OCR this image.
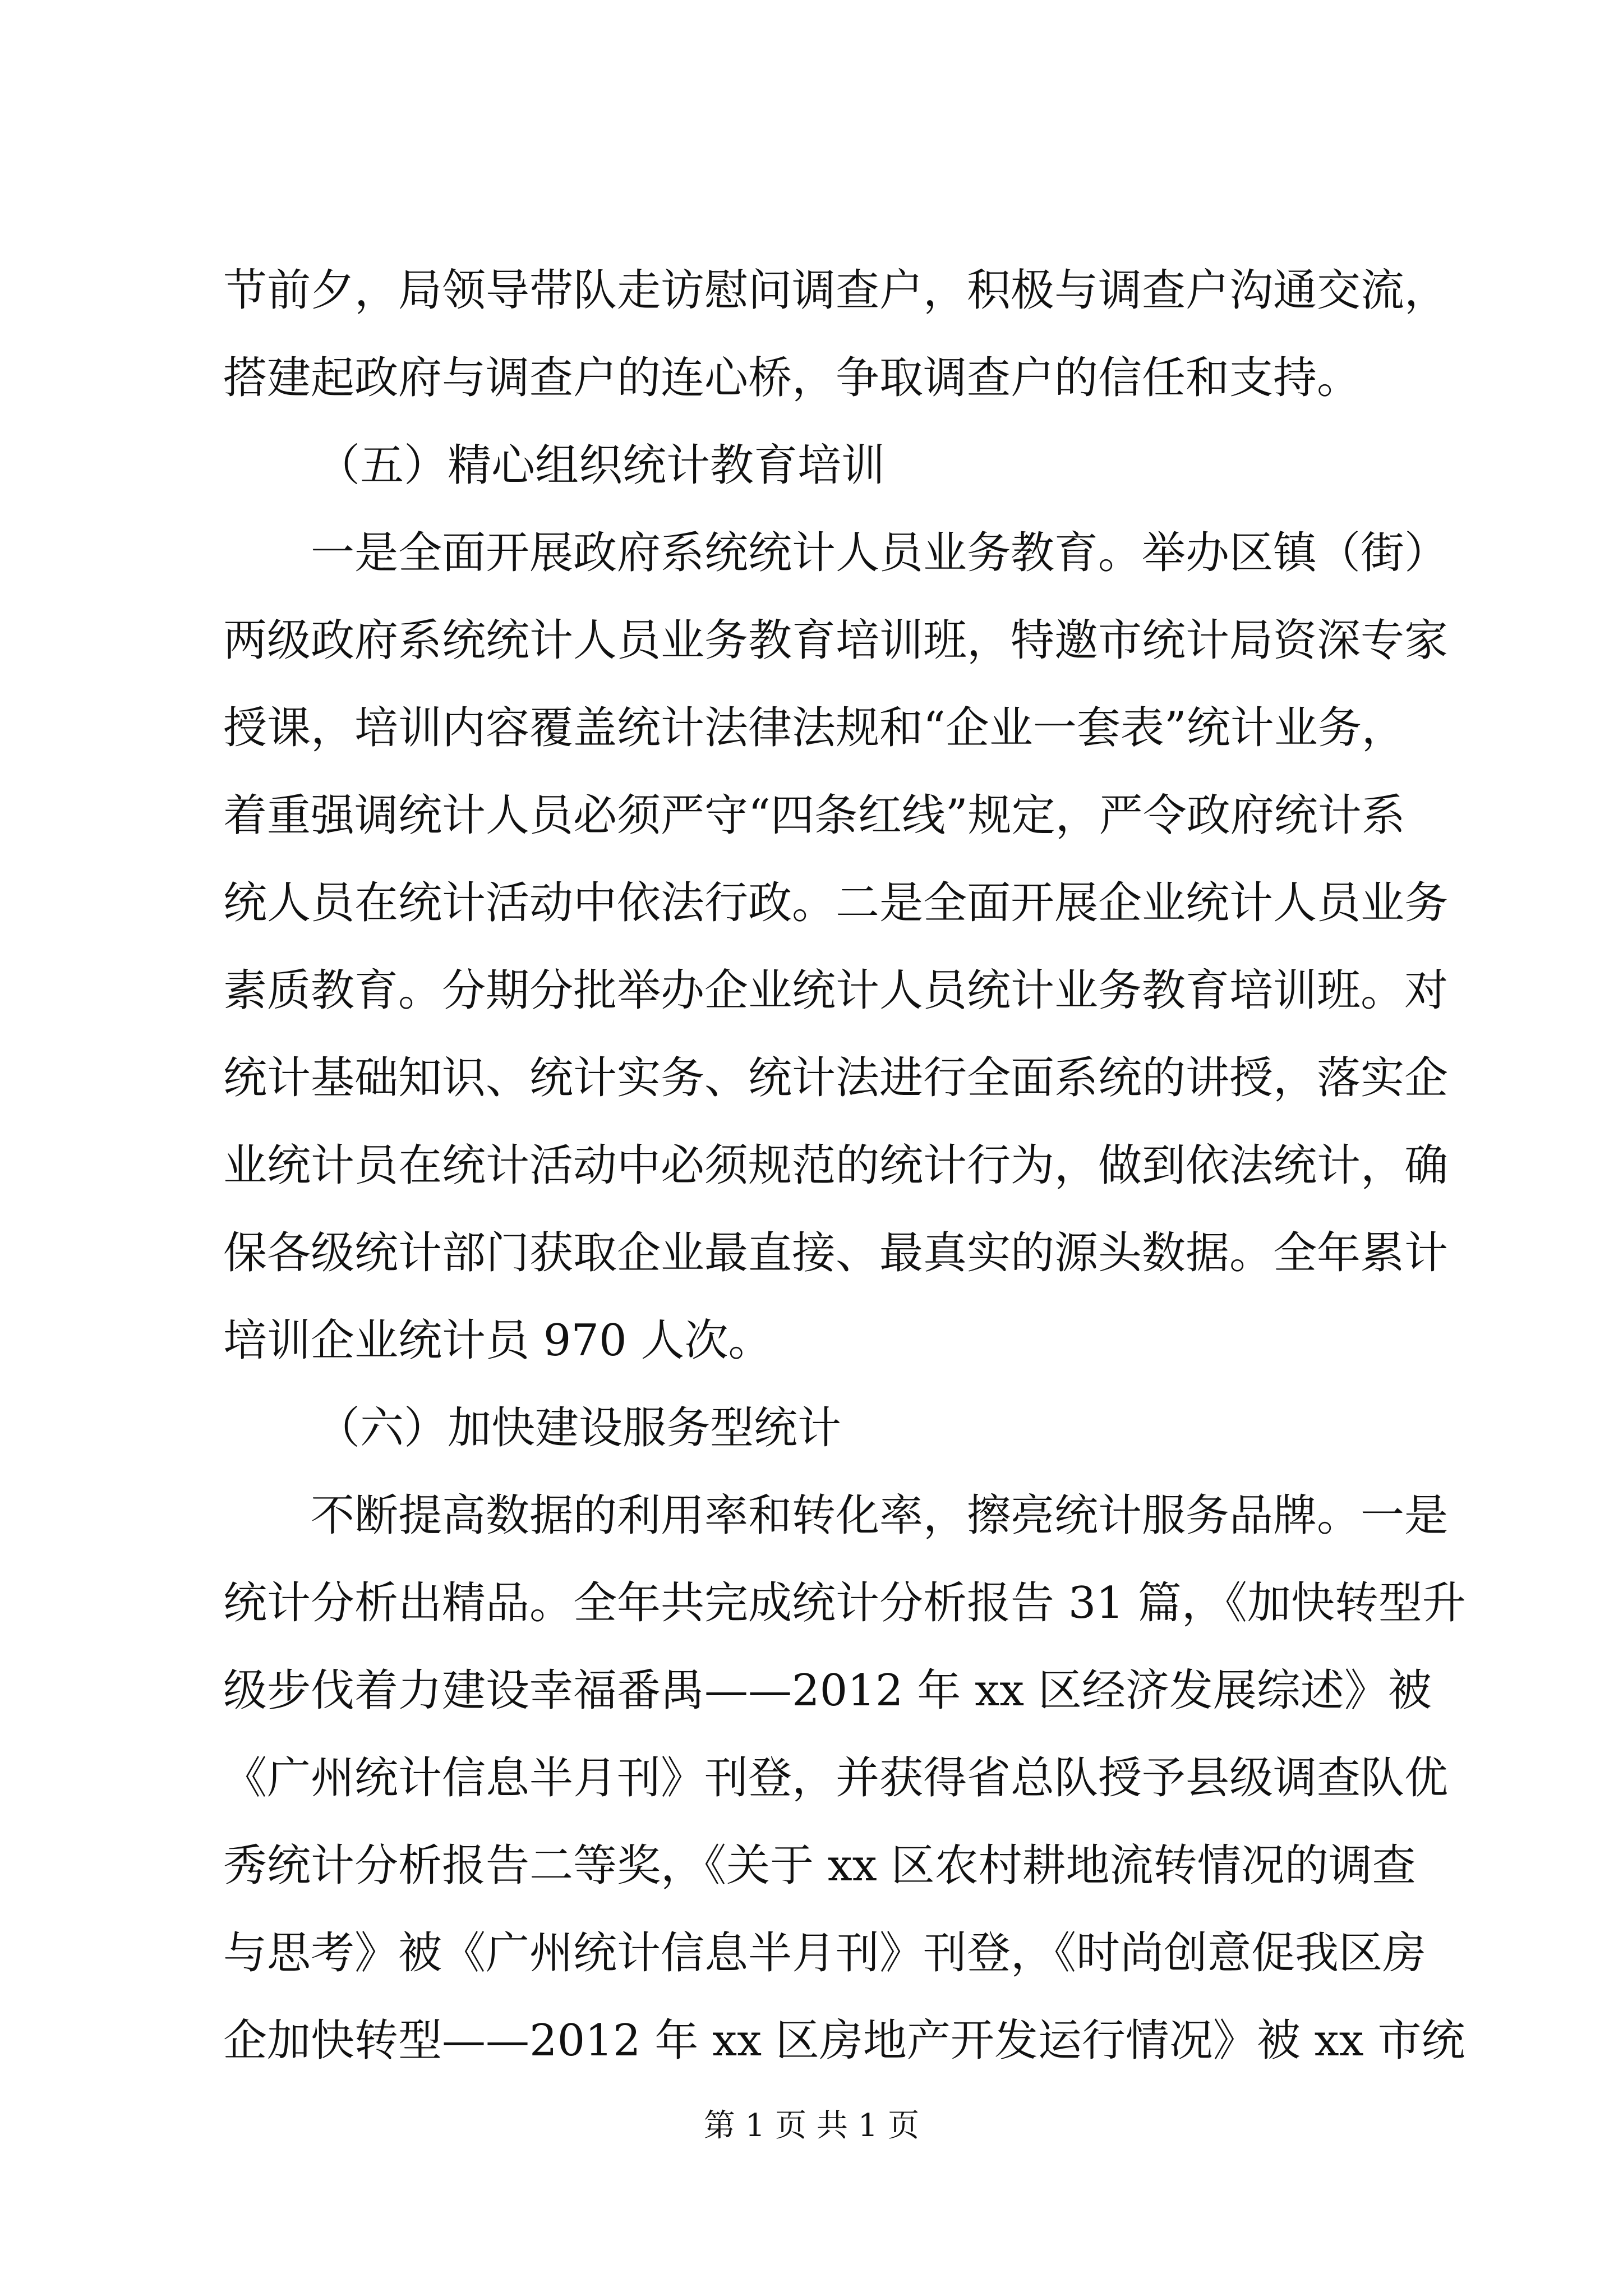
节前夕，局领导带队走访慰问调查户，积极与调查户沟通交流，
搭建起政府与调查户的连心桥，争取调查户的信任和支持。
（五）精心组织统计教育培训
一是全面开展政府系统统计人员业务教育。举办区镇（街）
两级政府系统统计人员业务教育培训班，特邀市统计局资深专家
授课，培训内容覆盖统计法律法规和“企业一套表”统计业务，
着重强调统计人员必须严守“四条红线”规定，严令政府统计系
统人员在统计活动中依法行政。二是全面开展企业统计人员业务
素质教育。分期分批举办企业统计人员统计业务教育培训班。对
统计基础知识、统计实务、统计法进行全面系统的讲授，落实企
业统计员在统计活动中必须规范的统计行为，做到依法统计，确
保各级统计部门获取企业最直接、最真实的源头数据。全年累计
培训企业统计员 970 人次。
（六）加快建设服务型统计
不断提高数据的利用率和转化率，擦亮统计服务品牌。一是
统计分析出精品。全年共完成统计分析报告 31 篇，《加快转型升
级步伐着力建设幸福番禺——2012 年 xx 区经济发展综述》被
《广州统计信息半月刊》刊登，并获得省总队授予县级调查队优
秀统计分析报告二等奖，《关于 xx 区农村耕地流转情况的调查
与思考》被《广州统计信息半月刊》刊登，《时尚创意促我区房
企加快转型——2012 年 xx 区房地产开发运行情况》被 xx 市统
第 1 页 共 1 页
